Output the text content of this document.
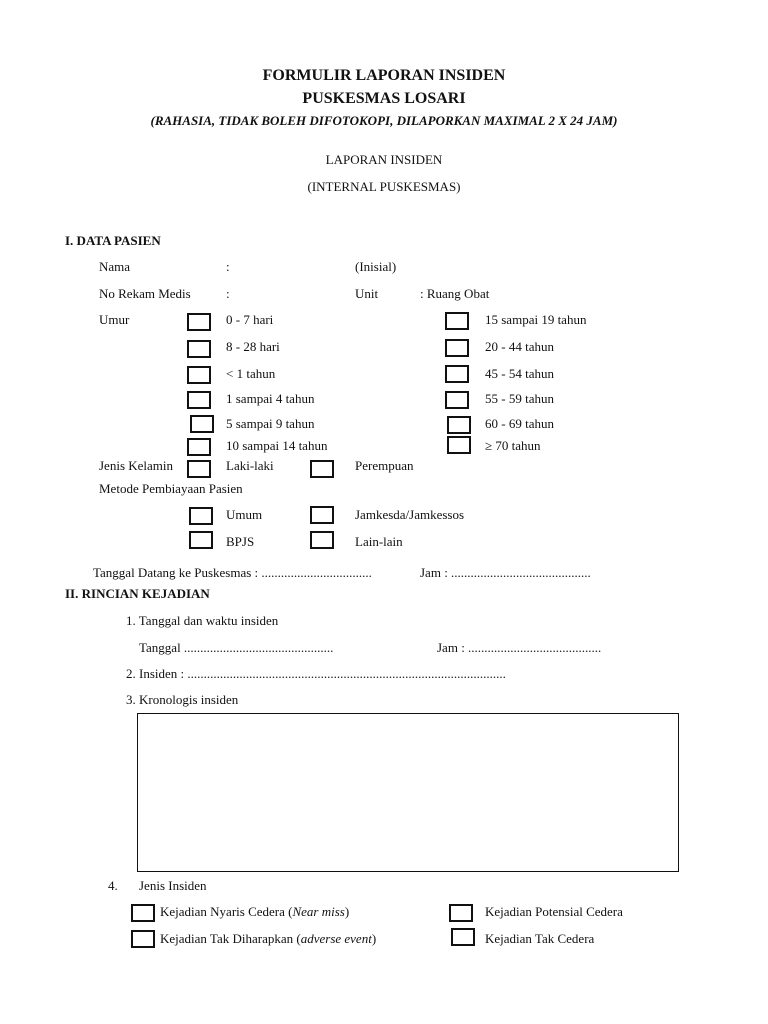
FORMULIR LAPORAN INSIDEN
PUSKESMAS LOSARI
(RAHASIA, TIDAK BOLEH DIFOTOKOPI, DILAPORKAN MAXIMAL 2 X 24 JAM)
LAPORAN INSIDEN
(INTERNAL PUSKESMAS)
I. DATA PASIEN
Nama	:	(Inisial)
No Rekam Medis	:	Unit	: Ruang Obat
Umur	0 - 7 hari
8 - 28 hari
< 1 tahun
1 sampai 4 tahun
5 sampai 9 tahun
10 sampai 14 tahun
15 sampai 19 tahun
20 - 44 tahun
45 - 54 tahun
55 - 59 tahun
60 - 69 tahun
≥ 70 tahun
Jenis Kelamin	Laki-laki	Perempuan
Metode Pembiayaan Pasien
Umum	Jamkesda/Jamkessos
BPJS	Lain-lain
Tanggal Datang ke Puskesmas : ..................................	Jam : ...........................................
II. RINCIAN KEJADIAN
1. Tanggal dan waktu insiden
Tanggal ..............................................	Jam : .........................................
2. Insiden : ..................................................................................................
3. Kronologis insiden
4. Jenis Insiden
Kejadian Nyaris Cedera (Near miss)	Kejadian Potensial Cedera
Kejadian Tak Diharapkan (adverse event)	Kejadian Tak Cedera
